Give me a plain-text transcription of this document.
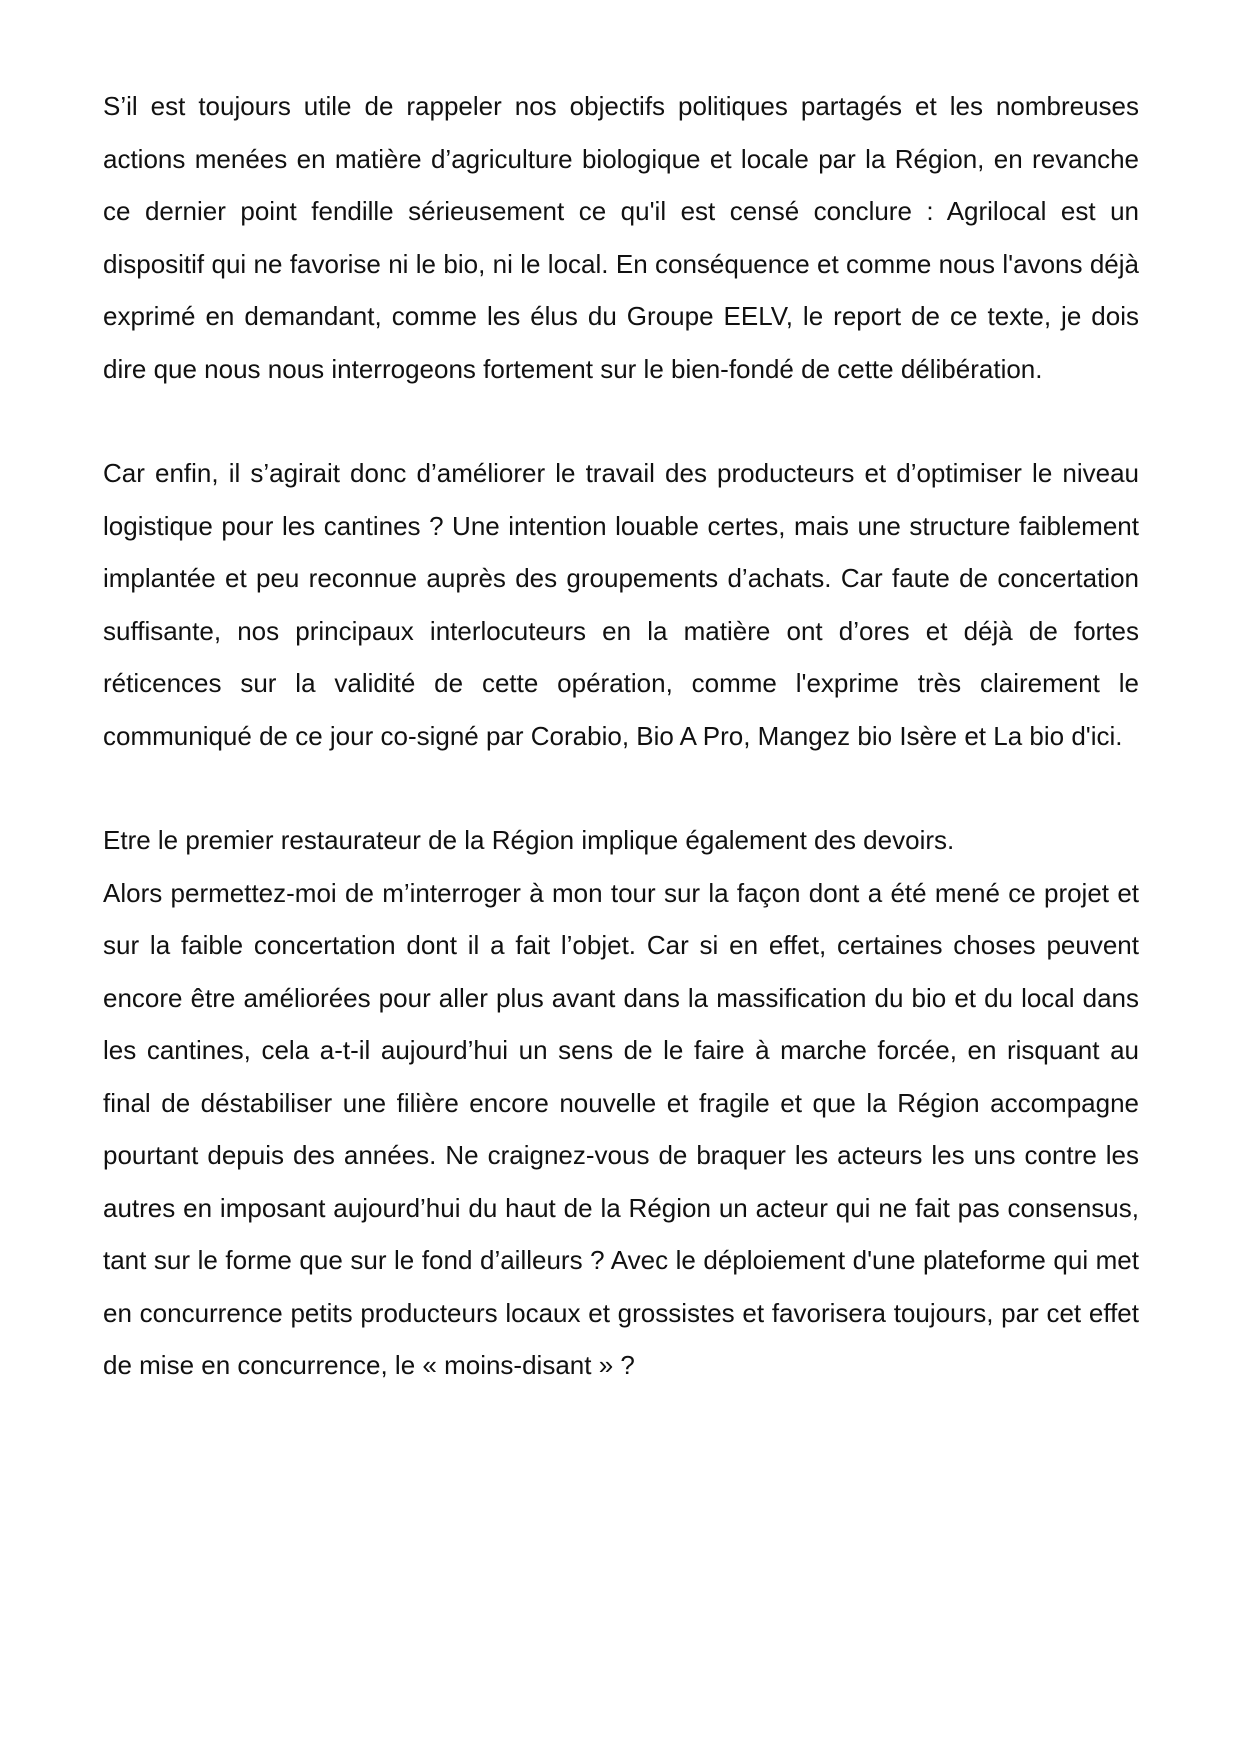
S’il est toujours utile de rappeler nos objectifs politiques partagés et les nombreuses actions menées en matière d’agriculture biologique et locale par la Région, en revanche ce dernier point fendille sérieusement ce qu'il est censé conclure : Agrilocal est un dispositif qui ne favorise ni le bio, ni le local. En conséquence et comme nous l'avons déjà exprimé en demandant, comme les élus du Groupe EELV, le report de ce texte, je dois dire que nous nous interrogeons fortement sur le bien-fondé de cette délibération.

Car enfin, il s’agirait donc d’améliorer le travail des producteurs et d’optimiser le niveau logistique pour les cantines ? Une intention louable certes, mais une structure faiblement implantée et peu reconnue auprès des groupements d’achats. Car faute de concertation suffisante, nos principaux interlocuteurs en la matière ont d’ores et déjà de fortes réticences sur la validité de cette opération, comme l'exprime très clairement le communiqué de ce jour co-signé par Corabio, Bio A Pro, Mangez bio Isère et La bio d'ici.

Etre le premier restaurateur de la Région implique également des devoirs.

Alors permettez-moi de m’interroger à mon tour sur la façon dont a été mené ce projet et sur la faible concertation dont il a fait l’objet. Car si en effet, certaines choses peuvent encore être améliorées pour aller plus avant dans la massification du bio et du local dans les cantines, cela a-t-il aujourd’hui un sens de le faire à marche forcée, en risquant au final de déstabiliser une filière encore nouvelle et fragile et que la Région accompagne pourtant depuis des années. Ne craignez-vous de braquer les acteurs les uns contre les autres en imposant aujourd’hui du haut de la Région un acteur qui ne fait pas consensus, tant sur le forme que sur le fond d’ailleurs ? Avec le déploiement d'une plateforme qui met en concurrence petits producteurs locaux et grossistes et favorisera toujours, par cet effet de mise en concurrence, le « moins-disant » ?
